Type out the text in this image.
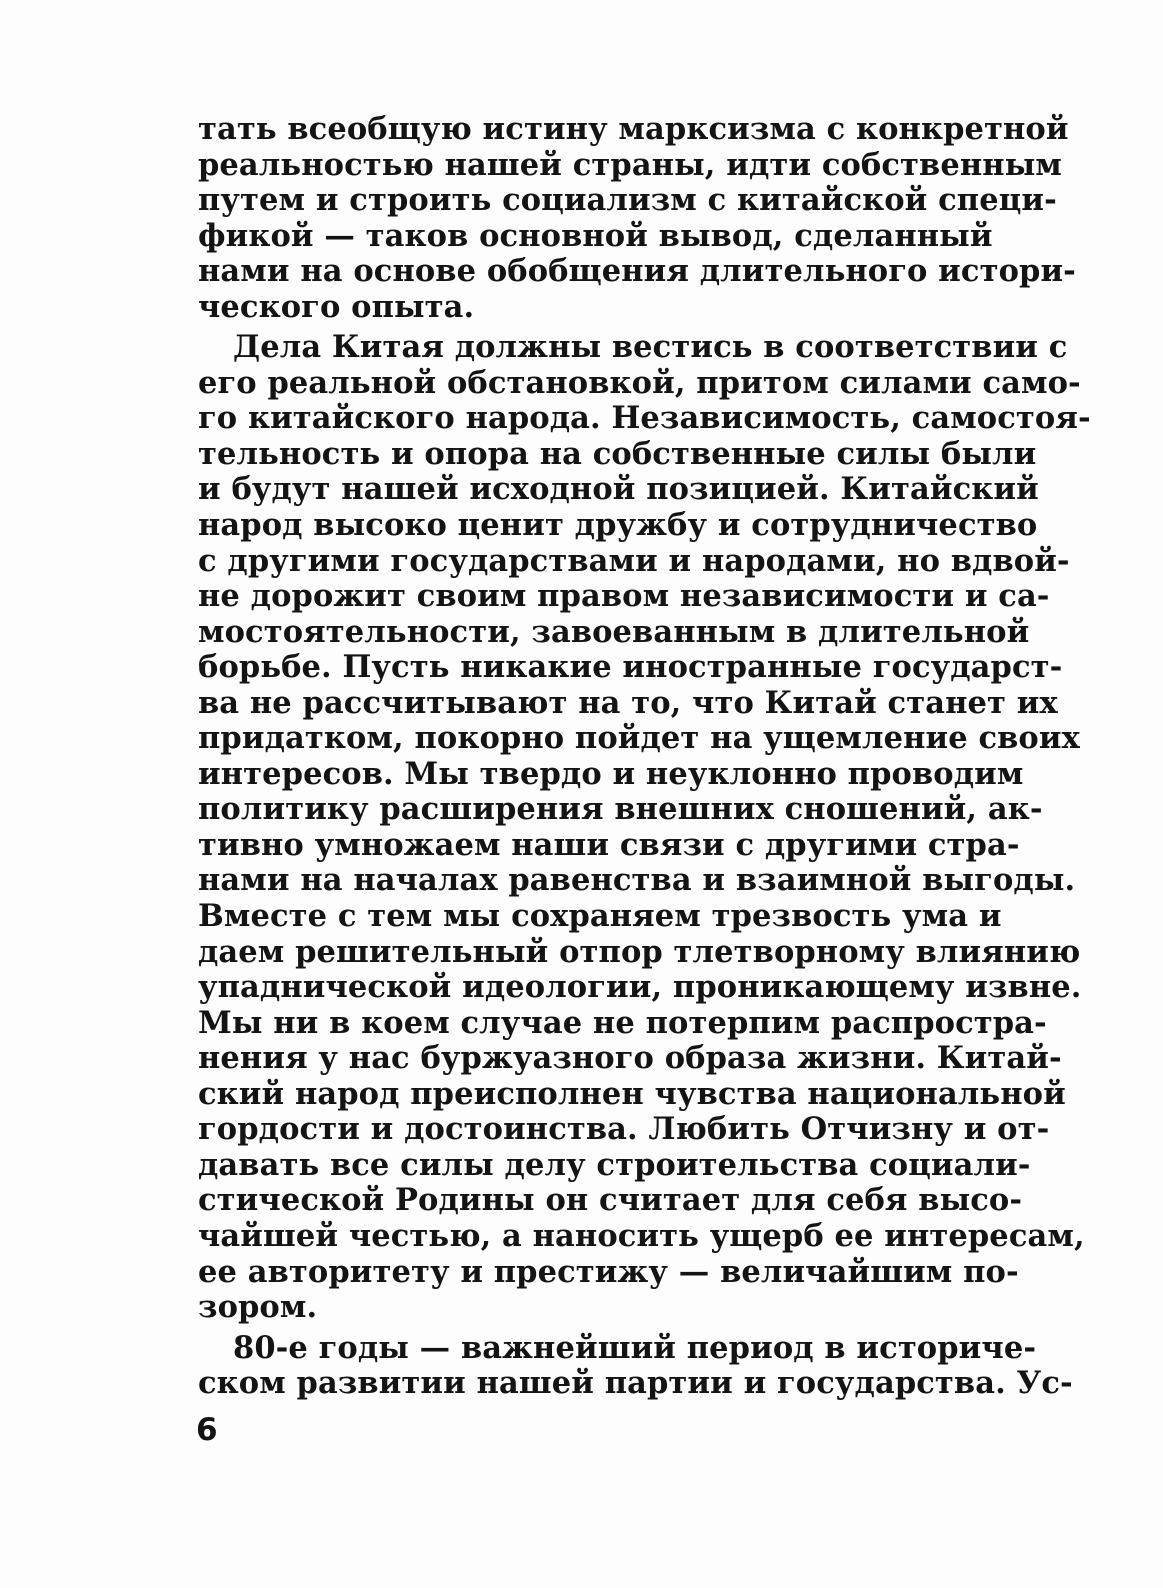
тать всеобщую истину марксизма с конкретной
реальностью нашей страны, идти собственным
путем и строить социализм с китайской специ-
фикой — таков основной вывод, сделанный
нами на основе обобщения длительного истори-
ческого опыта.

Дела Китая должны вестись в соответствии с
его реальной обстановкой, притом силами само-
го китайского народа. Независимость, самостоя-
тельность и опора на собственные силы были
и будут нашей исходной позицией. Китайский
народ высоко ценит дружбу и сотрудничество
с другими государствами и народами, но вдвой-
не дорожит своим правом независимости и са-
мостоятельности, завоеванным в длительной
борьбе. Пусть никакие иностранные государст-
ва не рассчитывают на то, что Китай станет их
придатком, покорно пойдет на ущемление своих
интересов. Мы твердо и неуклонно проводим
политику расширения внешних сношений, ак-
тивно умножаем наши связи с другими стра-
нами на началах равенства и взаимной выгоды.
Вместе с тем мы сохраняем трезвость ума и
даем решительный отпор тлетворному влиянию
упаднической идеологии, проникающему извне.
Мы ни в коем случае не потерпим распростра-
нения у нас буржуазного образа жизни. Китай-
ский народ преисполнен чувства национальной
гордости и достоинства. Любить Отчизну и от-
давать все силы делу строительства социали-
стической Родины он считает для себя высо-
чайшей честью, а наносить ущерб ее интересам,
ее авторитету и престижу — величайшим по-
зором.

80-е годы — важнейший период в историче-
ском развитии нашей партии и государства. Ус-

6
